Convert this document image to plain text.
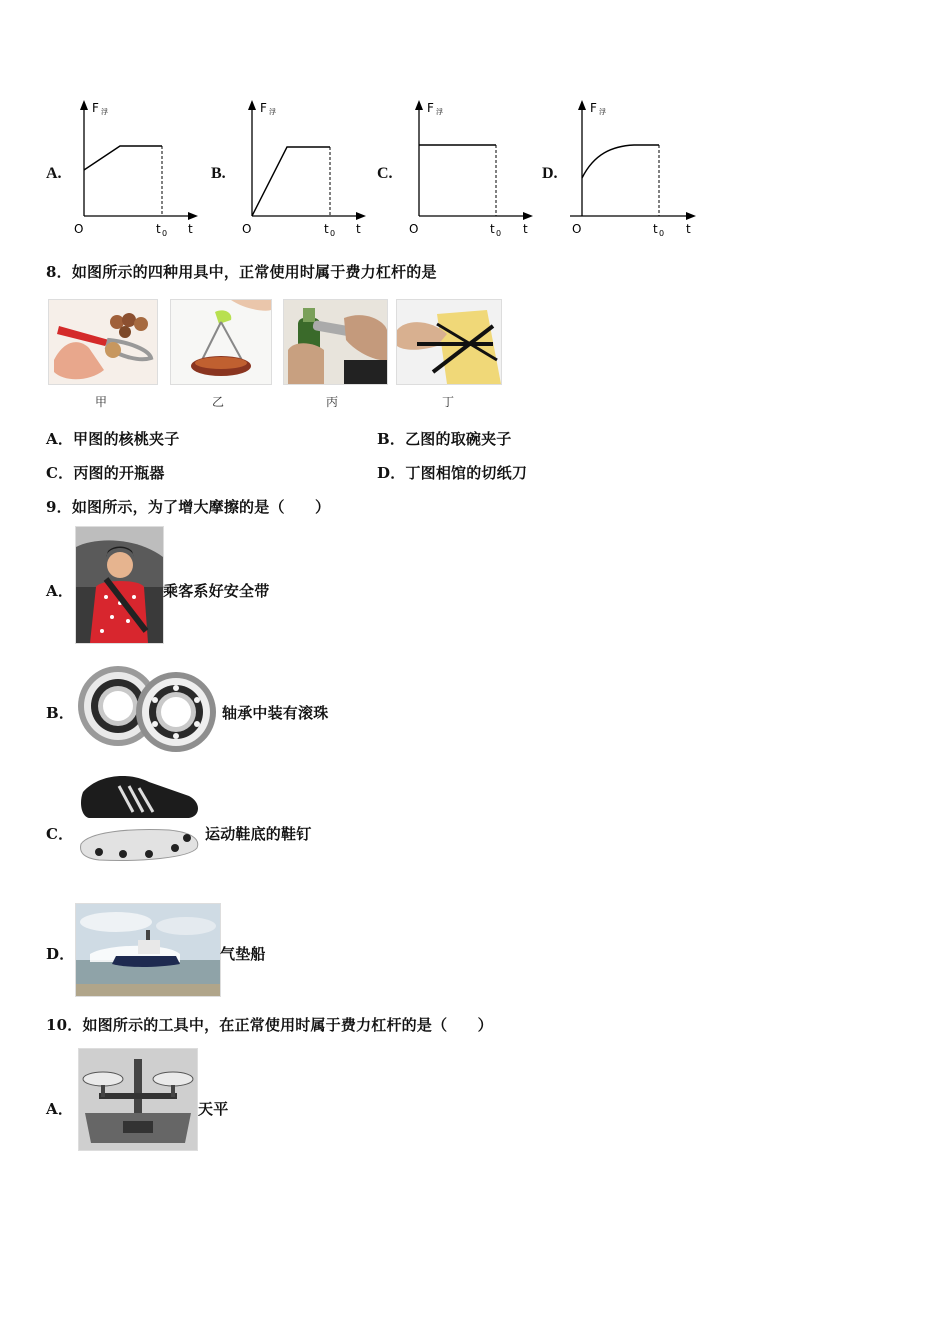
A.
F 浮
O	t 0 t
B.
F 浮
O	t 0 t
C.
F 浮
O	t 0 t
D.
F 浮
O	t 0 t
8．如图所示的四种用具中，正常使用时属于费力杠杆的是
甲	乙	丙	丁
A．甲图的核桃夹子	B．乙图的取碗夹子
C．丙图的开瓶器	D．丁图相馆的切纸刀
9．如图所示，为了增大摩擦的是（　　）
A．	乘客系好安全带
B．	轴承中装有滚珠
C．	运动鞋底的鞋钉
D．	气垫船
10．如图所示的工具中，在正常使用时属于费力杠杆的是（　　）
A．	天平
